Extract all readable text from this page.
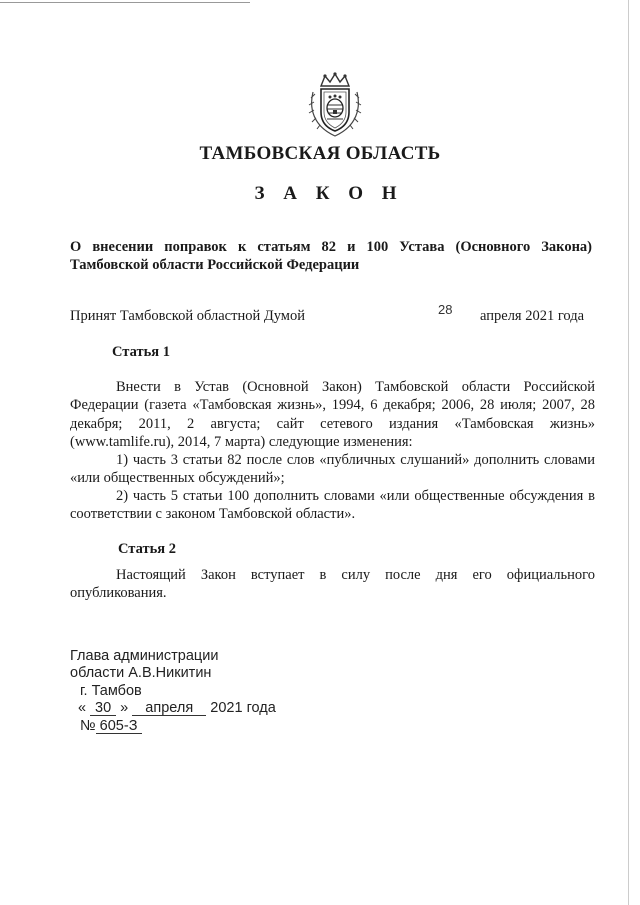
ТАМБОВСКАЯ ОБЛАСТЬ
З А К О Н
О внесении поправок к статьям 82 и 100 Устава (Основного Закона) Тамбовской области Российской Федерации
Принят Тамбовской областной Думой	28 апреля 2021 года
Статья 1
Внести в Устав (Основной Закон) Тамбовской области Российской Федерации (газета «Тамбовская жизнь», 1994, 6 декабря; 2006, 28 июля; 2007, 28 декабря; 2011, 2 августа; сайт сетевого издания «Тамбовская жизнь» (www.tamlife.ru), 2014, 7 марта) следующие изменения:
1) часть 3 статьи 82 после слов «публичных слушаний» дополнить словами «или общественных обсуждений»;
2) часть 5 статьи 100 дополнить словами «или общественные обсуждения в соответствии с законом Тамбовской области».
Статья 2
Настоящий Закон вступает в силу после дня его официального опубликования.
Глава администрации
области А.В.Никитин
г. Тамбов
« 30 » апреля 2021 года
№ 605-З
